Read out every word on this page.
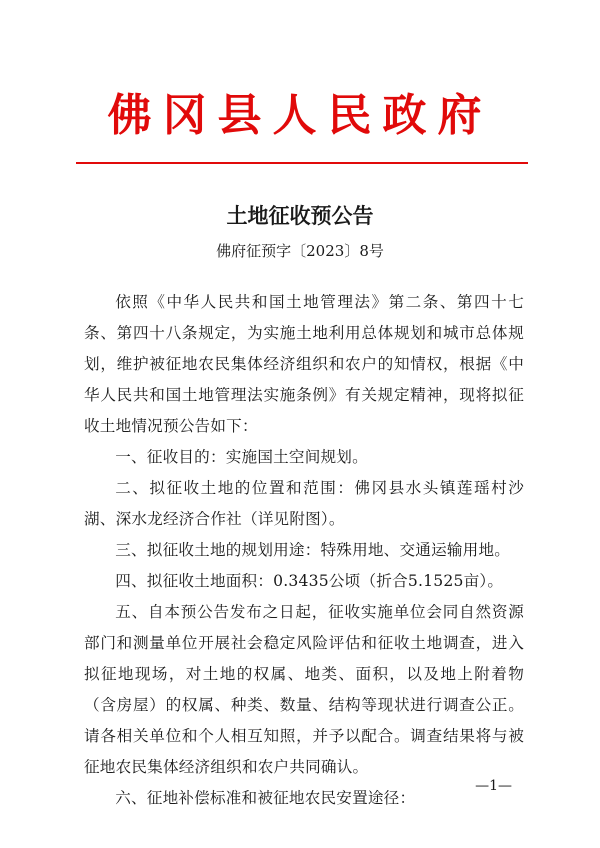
佛冈县人民政府
土地征收预公告
佛府征预字〔2023〕8号

依照《中华人民共和国土地管理法》第二条、第四十七条、第四十八条规定，为实施土地利用总体规划和城市总体规划，维护被征地农民集体经济组织和农户的知情权，根据《中华人民共和国土地管理法实施条例》有关规定精神，现将拟征收土地情况预公告如下：

一、征收目的：实施国土空间规划。

二、拟征收土地的位置和范围：佛冈县水头镇莲瑶村沙湖、深水龙经济合作社（详见附图）。

三、拟征收土地的规划用途：特殊用地、交通运输用地。

四、拟征收土地面积：0.3435公顷（折合5.1525亩）。

五、自本预公告发布之日起，征收实施单位会同自然资源部门和测量单位开展社会稳定风险评估和征收土地调查，进入拟征地现场，对土地的权属、地类、面积，以及地上附着物（含房屋）的权属、种类、数量、结构等现状进行调查公正。请各相关单位和个人相互知照，并予以配合。调查结果将与被征地农民集体经济组织和农户共同确认。

六、征地补偿标准和被征地农民安置途径：

—1—
